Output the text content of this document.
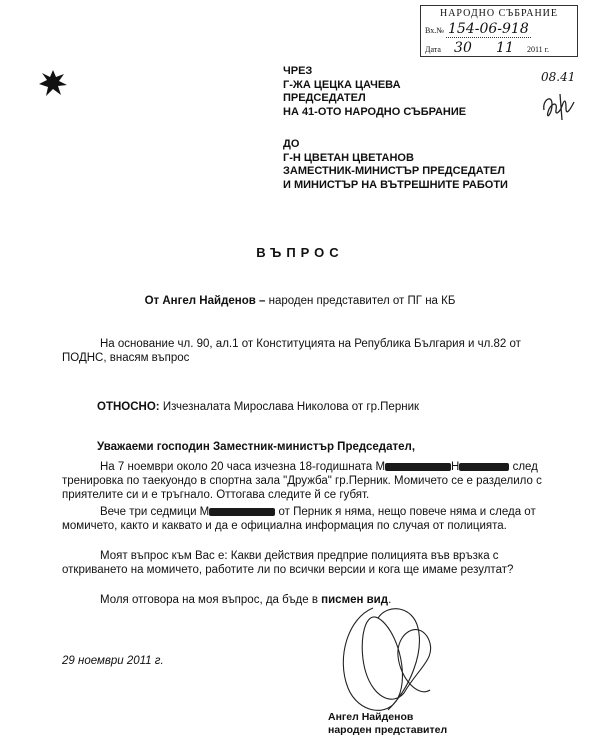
НАРОДНО СЪБРАНИЕ
Вх.№ 154-06-918
Дата 30 11 2011 г.
08.41
ЧРЕЗ
Г-ЖА ЦЕЦКА ЦАЧЕВА
ПРЕДСЕДАТЕЛ
НА 41-ОТО НАРОДНО СЪБРАНИЕ
ДО
Г-Н ЦВЕТАН ЦВЕТАНОВ
ЗАМЕСТНИК-МИНИСТЪР ПРЕДСЕДАТЕЛ
И МИНИСТЪР НА ВЪТРЕШНИТЕ РАБОТИ
ВЪПРОС
От Ангел Найденов – народен представител от ПГ на КБ
На основание чл. 90, ал.1 от Конституцията на Република България и чл.82 от ПОДНС, внасям въпрос
ОТНОСНО: Изчезналата Мирослава Николова от гр.Перник
Уважаеми господин Заместник-министър Председател,
На 7 ноември около 20 часа изчезна 18-годишната М	Н	след тренировка по таекуондо в спортна зала "Дружба" гр.Перник. Момичето се е разделило с приятелите си и е тръгнало. Оттогава следите й се губят.
Вече три седмици М	от Перник я няма, нещо повече няма и следа от момичето, както и каквато и да е официална информация по случая от полицията.
Моят въпрос към Вас е: Какви действия предприе полицията във връзка с откриването на момичето, работите ли по всички версии и кога ще имаме резултат?
Моля отговора на моя въпрос, да бъде в писмен вид.
29 ноември 2011 г.
Ангел Найденов
народен представител
